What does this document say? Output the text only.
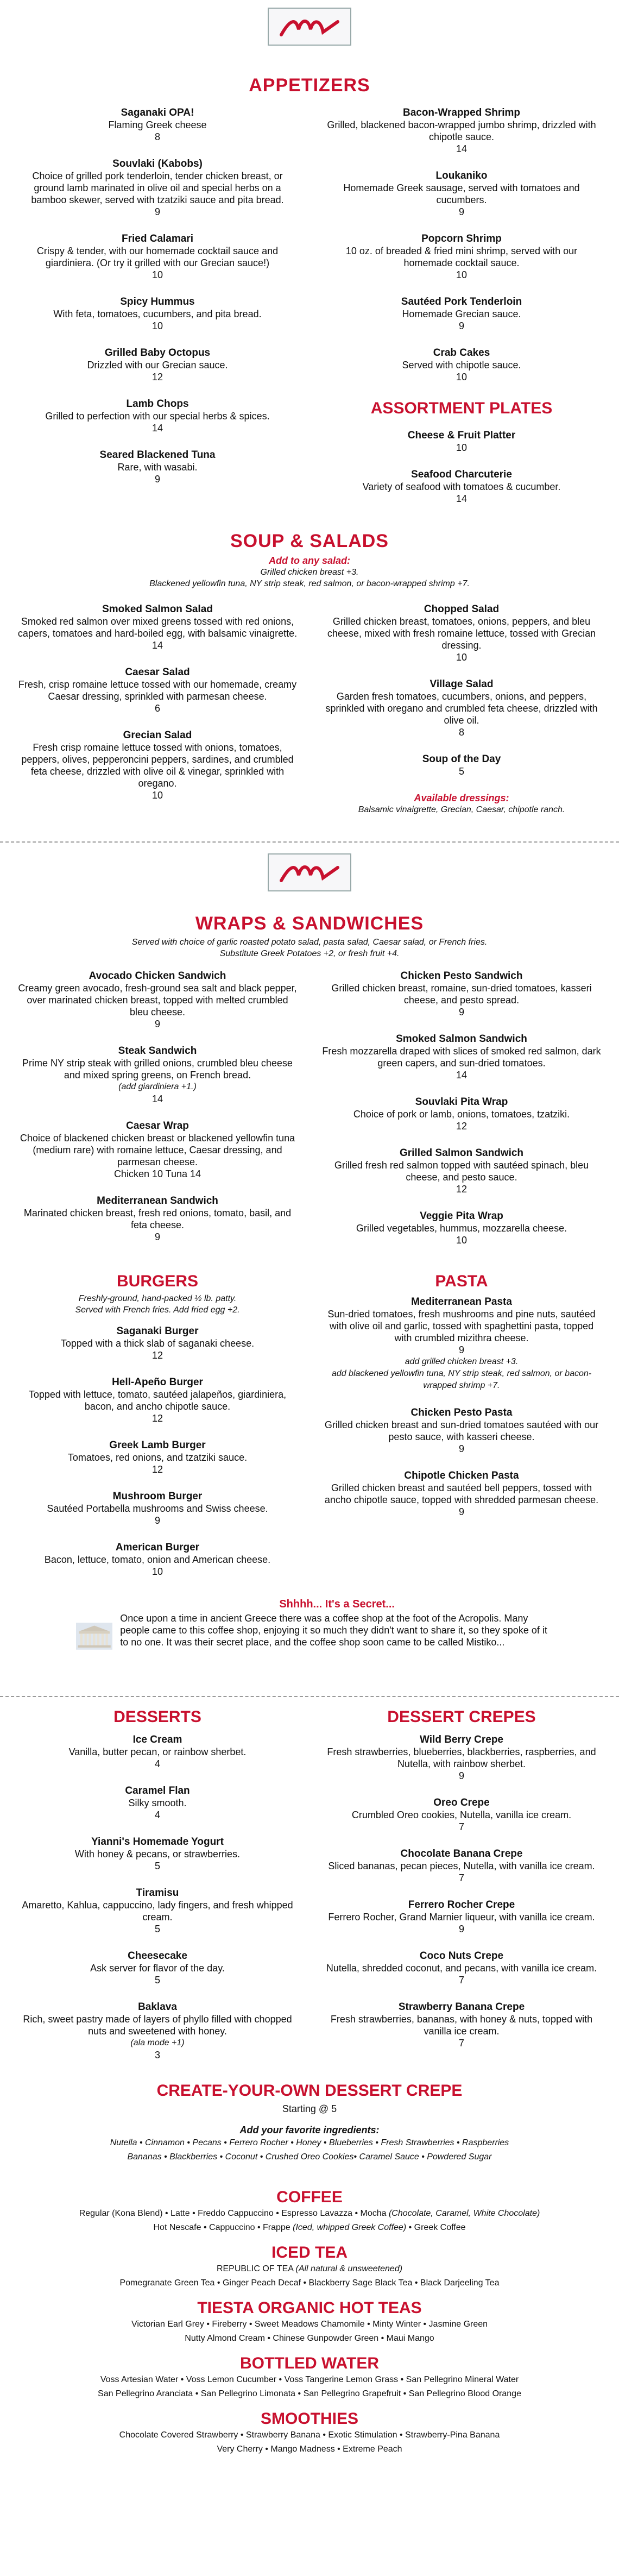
APPETIZERS
Saganaki OPA!
Flaming Greek cheese
8
Souvlaki (Kabobs)
Choice of grilled pork tenderloin, tender chicken breast, or ground lamb marinated in olive oil and special herbs on a bamboo skewer, served with tzatziki sauce and pita bread.
9
Fried Calamari
Crispy & tender, with our homemade cocktail sauce and giardiniera. (Or try it grilled with our Grecian sauce!)
10
Spicy Hummus
With feta, tomatoes, cucumbers, and pita bread.
10
Grilled Baby Octopus
Drizzled with our Grecian sauce.
12
Lamb Chops
Grilled to perfection with our special herbs & spices.
14
Seared Blackened Tuna
Rare, with wasabi.
9
Bacon-Wrapped Shrimp
Grilled, blackened bacon-wrapped jumbo shrimp, drizzled with chipotle sauce.
14
Loukaniko
Homemade Greek sausage, served with tomatoes and cucumbers.
9
Popcorn Shrimp
10 oz. of breaded & fried mini shrimp, served with our homemade cocktail sauce.
10
Sautéed Pork Tenderloin
Homemade Grecian sauce.
9
Crab Cakes
Served with chipotle sauce.
10
ASSORTMENT PLATES
Cheese & Fruit Platter
10
Seafood Charcuterie
Variety of seafood with tomatoes & cucumber.
14
SOUP & SALADS
Add to any salad:
Grilled chicken breast +3.
Blackened yellowfin tuna, NY strip steak, red salmon, or bacon-wrapped shrimp +7.
Smoked Salmon Salad
Smoked red salmon over mixed greens tossed with red onions, capers, tomatoes and hard-boiled egg, with balsamic vinaigrette.
14
Caesar Salad
Fresh, crisp romaine lettuce tossed with our homemade, creamy Caesar dressing, sprinkled with parmesan cheese.
6
Grecian Salad
Fresh crisp romaine lettuce tossed with onions, tomatoes, peppers, olives, pepperoncini peppers, sardines, and crumbled feta cheese, drizzled with olive oil & vinegar, sprinkled with oregano.
10
Chopped Salad
Grilled chicken breast, tomatoes, onions, peppers, and bleu cheese, mixed with fresh romaine lettuce, tossed with Grecian dressing.
10
Village Salad
Garden fresh tomatoes, cucumbers, onions, and peppers, sprinkled with oregano and crumbled feta cheese, drizzled with olive oil.
8
Soup of the Day
5
Available dressings:
Balsamic vinaigrette, Grecian, Caesar, chipotle ranch.
WRAPS & SANDWICHES
Served with choice of garlic roasted potato salad, pasta salad, Caesar salad, or French fries.
Substitute Greek Potatoes +2, or fresh fruit +4.
Avocado Chicken Sandwich
Creamy green avocado, fresh-ground sea salt and black pepper, over marinated chicken breast, topped with melted crumbled bleu cheese.
9
Steak Sandwich
Prime NY strip steak with grilled onions, crumbled bleu cheese and mixed spring greens, on French bread.
(add giardiniera +1.)
14
Caesar Wrap
Choice of blackened chicken breast or blackened yellowfin tuna (medium rare) with romaine lettuce, Caesar dressing, and parmesan cheese.
Chicken 10 Tuna 14
Mediterranean Sandwich
Marinated chicken breast, fresh red onions, tomato, basil, and feta cheese.
9
Chicken Pesto Sandwich
Grilled chicken breast, romaine, sun-dried tomatoes, kasseri cheese, and pesto spread.
9
Smoked Salmon Sandwich
Fresh mozzarella draped with slices of smoked red salmon, dark green capers, and sun-dried tomatoes.
14
Souvlaki Pita Wrap
Choice of pork or lamb, onions, tomatoes, tzatziki.
12
Grilled Salmon Sandwich
Grilled fresh red salmon topped with sautéed spinach, bleu cheese, and pesto sauce.
12
Veggie Pita Wrap
Grilled vegetables, hummus, mozzarella cheese.
10
BURGERS
Freshly-ground, hand-packed ½ lb. patty.
Served with French fries. Add fried egg +2.
Saganaki Burger
Topped with a thick slab of saganaki cheese.
12
Hell-Apeño Burger
Topped with lettuce, tomato, sautéed jalapeños, giardiniera, bacon, and ancho chipotle sauce.
12
Greek Lamb Burger
Tomatoes, red onions, and tzatziki sauce.
12
Mushroom Burger
Sautéed Portabella mushrooms and Swiss cheese.
9
American Burger
Bacon, lettuce, tomato, onion and American cheese.
10
PASTA
Mediterranean Pasta
Sun-dried tomatoes, fresh mushrooms and pine nuts, sautéed with olive oil and garlic, tossed with spaghettini pasta, topped with crumbled mizithra cheese.
9
add grilled chicken breast +3.
add blackened yellowfin tuna, NY strip steak, red salmon, or bacon-wrapped shrimp +7.
Chicken Pesto Pasta
Grilled chicken breast and sun-dried tomatoes sautéed with our pesto sauce, with kasseri cheese.
9
Chipotle Chicken Pasta
Grilled chicken breast and sautéed bell peppers, tossed with ancho chipotle sauce, topped with shredded parmesan cheese.
9
Shhhh... It's a Secret...
Once upon a time in ancient Greece there was a coffee shop at the foot of the Acropolis. Many people came to this coffee shop, enjoying it so much they didn't want to share it, so they spoke of it to no one. It was their secret place, and the coffee shop soon came to be called Mistiko...
DESSERTS
Ice Cream
Vanilla, butter pecan, or rainbow sherbet.
4
Caramel Flan
Silky smooth.
4
Yianni's Homemade Yogurt
With honey & pecans, or strawberries.
5
Tiramisu
Amaretto, Kahlua, cappuccino, lady fingers, and fresh whipped cream.
5
Cheesecake
Ask server for flavor of the day.
5
Baklava
Rich, sweet pastry made of layers of phyllo filled with chopped nuts and sweetened with honey.
(ala mode +1)
3
DESSERT CREPES
Wild Berry Crepe
Fresh strawberries, blueberries, blackberries, raspberries, and Nutella, with rainbow sherbet.
9
Oreo Crepe
Crumbled Oreo cookies, Nutella, vanilla ice cream.
7
Chocolate Banana Crepe
Sliced bananas, pecan pieces, Nutella, with vanilla ice cream.
7
Ferrero Rocher Crepe
Ferrero Rocher, Grand Marnier liqueur, with vanilla ice cream.
9
Coco Nuts Crepe
Nutella, shredded coconut, and pecans, with vanilla ice cream.
7
Strawberry Banana Crepe
Fresh strawberries, bananas, with honey & nuts, topped with vanilla ice cream.
7
CREATE-YOUR-OWN DESSERT CREPE
Starting @ 5
Add your favorite ingredients:
Nutella • Cinnamon • Pecans • Ferrero Rocher • Honey • Blueberries • Fresh Strawberries • Raspberries
Bananas • Blackberries • Coconut • Crushed Oreo Cookies• Caramel Sauce • Powdered Sugar
COFFEE
Regular (Kona Blend) • Latte • Freddo Cappuccino • Espresso Lavazza • Mocha (Chocolate, Caramel, White Chocolate)
Hot Nescafe • Cappuccino • Frappe (Iced, whipped Greek Coffee) • Greek Coffee
ICED TEA
REPUBLIC OF TEA (All natural & unsweetened)
Pomegranate Green Tea • Ginger Peach Decaf • Blackberry Sage Black Tea • Black Darjeeling Tea
TIESTA ORGANIC HOT TEAS
Victorian Earl Grey • Fireberry • Sweet Meadows Chamomile • Minty Winter • Jasmine Green
Nutty Almond Cream • Chinese Gunpowder Green • Maui Mango
BOTTLED WATER
Voss Artesian Water • Voss Lemon Cucumber • Voss Tangerine Lemon Grass • San Pellegrino Mineral Water
San Pellegrino Aranciata • San Pellegrino Limonata • San Pellegrino Grapefruit • San Pellegrino Blood Orange
SMOOTHIES
Chocolate Covered Strawberry • Strawberry Banana • Exotic Stimulation • Strawberry-Pina Banana
Very Cherry • Mango Madness • Extreme Peach
